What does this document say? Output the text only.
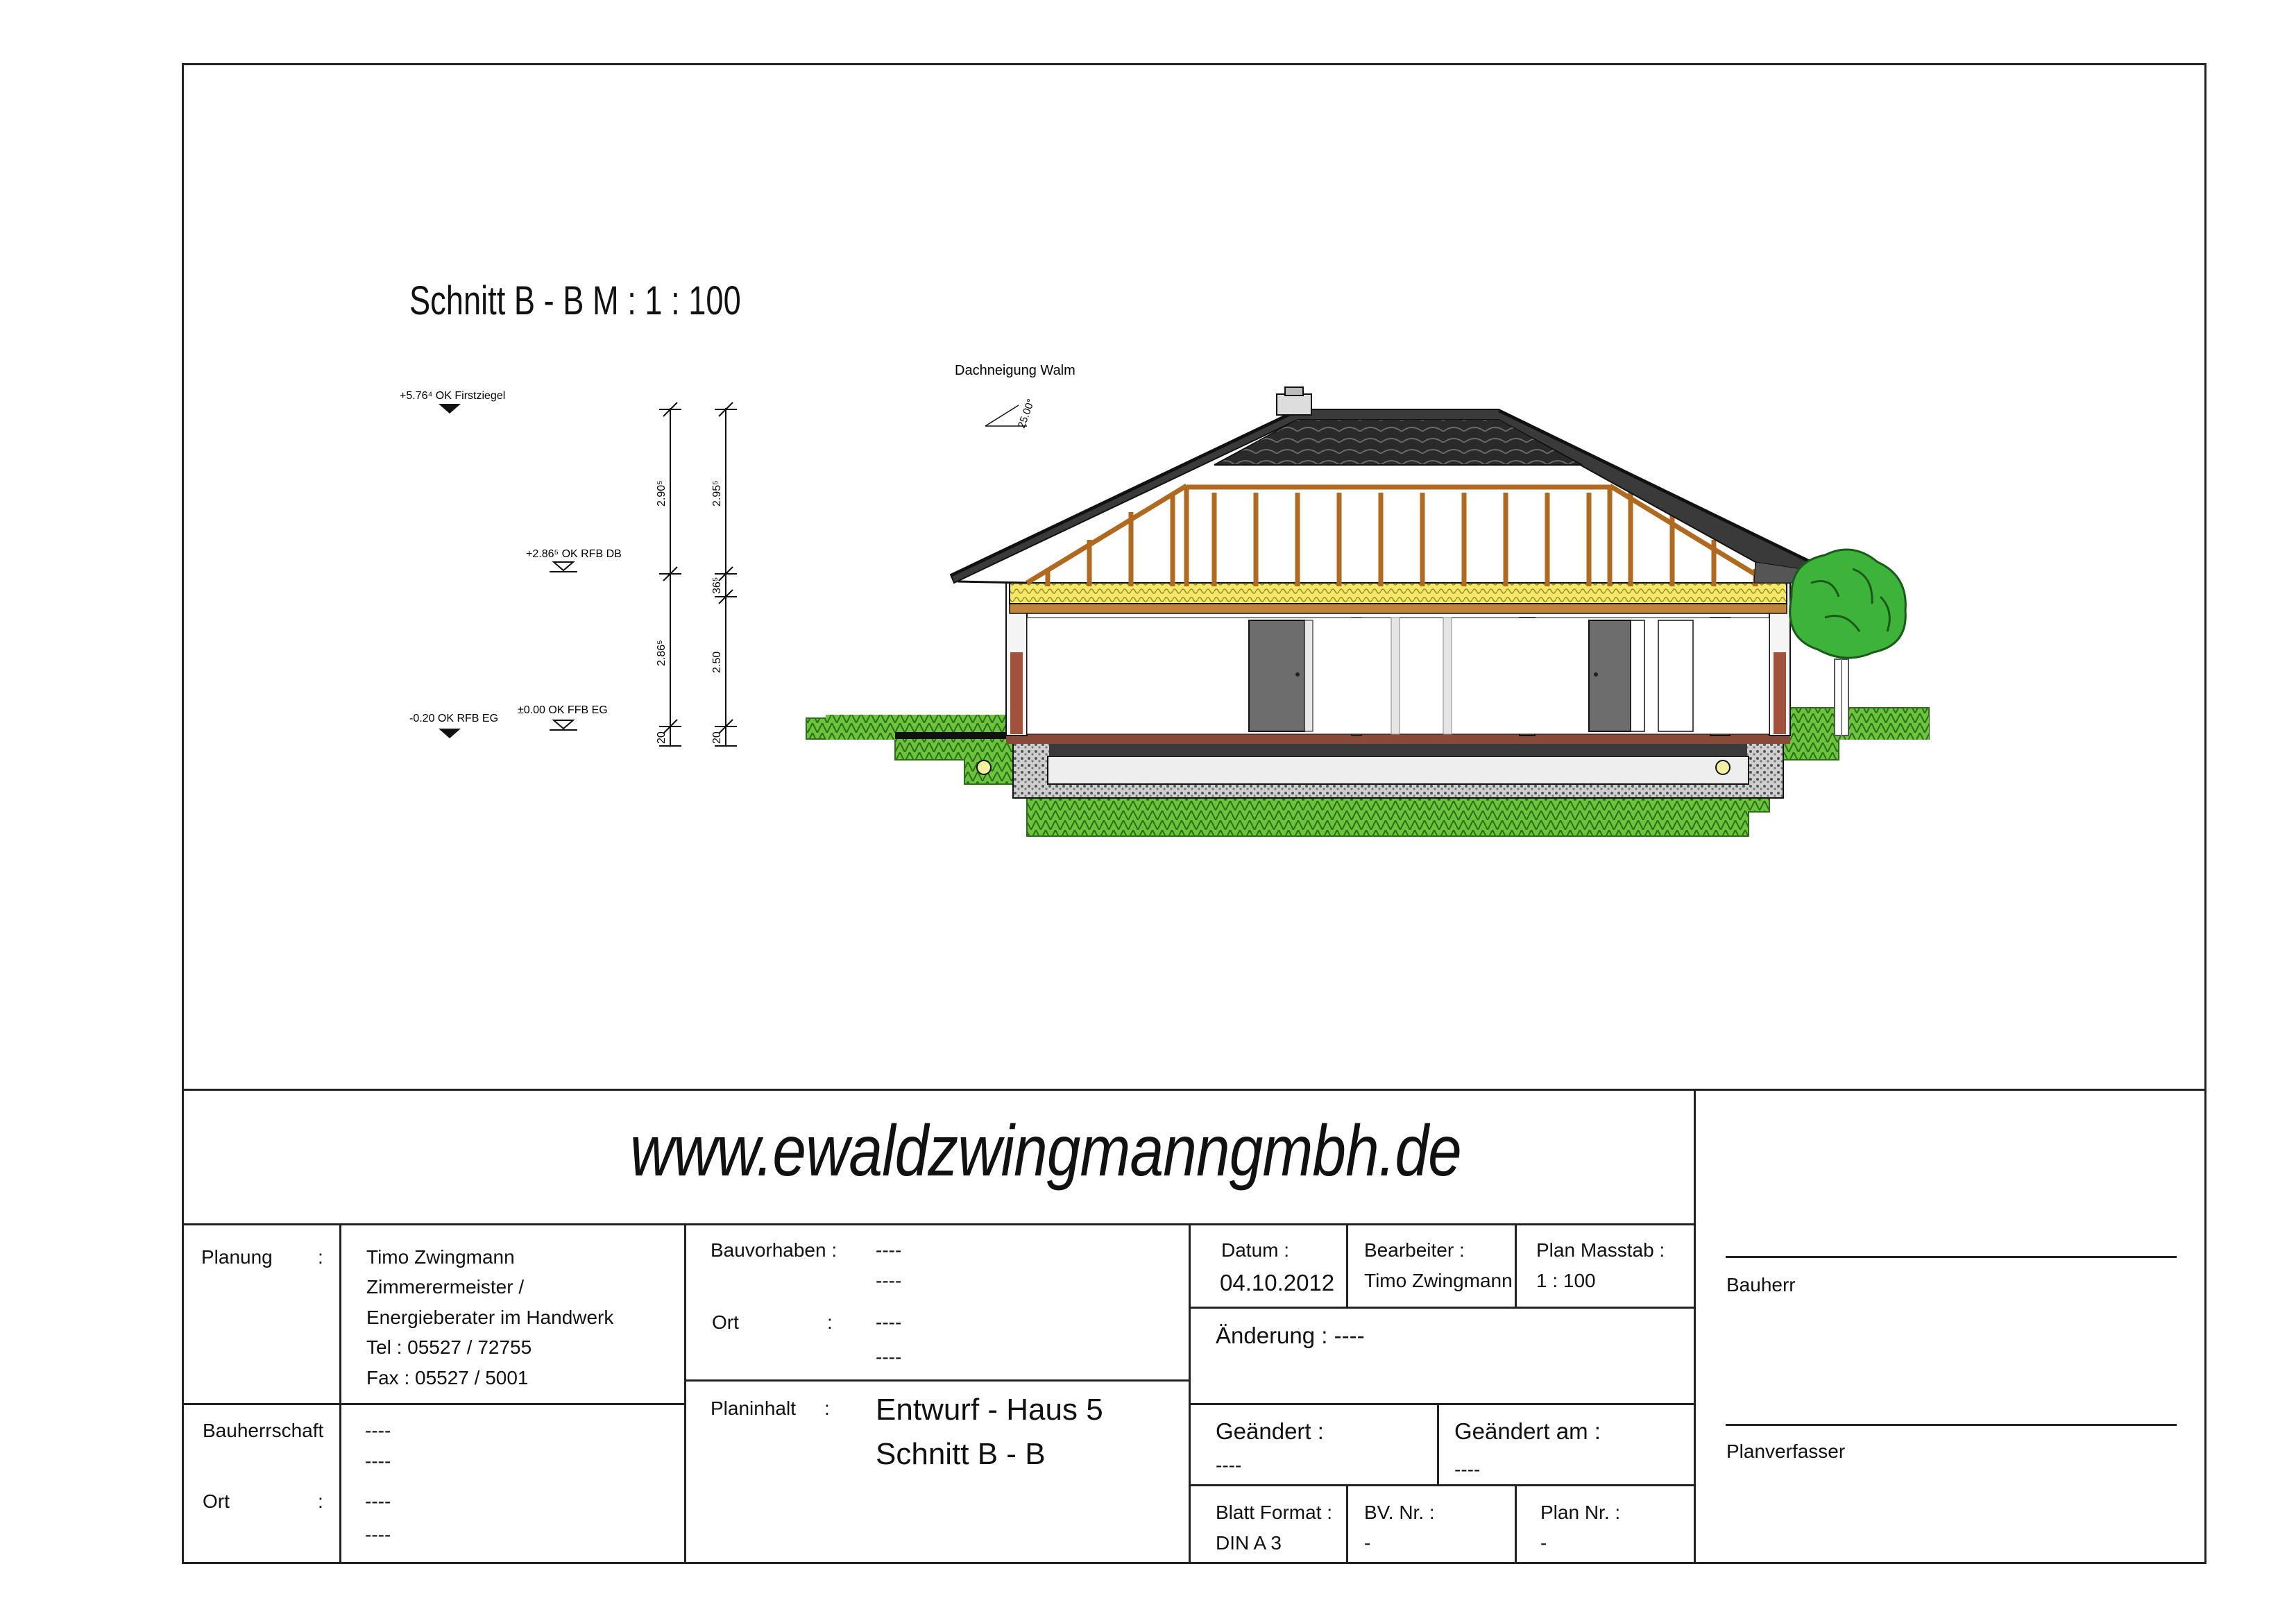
Schnitt B - B M : 1 : 100
+5.76⁴ OK Firstziegel
+2.86⁵ OK RFB DB
-0.20 OK RFB EG
±0.00 OK FFB EG
2.90⁵
2.86⁵
20
2.95⁵
36⁵
2.50
20
Dachneigung Walm
25.00°
www.ewaldzwingmanngmbh.de
Planung : Timo Zwingmann
Zimmerermeister /
Energieberater im Handwerk
Tel : 05527 / 72755
Fax : 05527 / 5001
Bauherrschaft ----
----
Ort	: ----
----
Bauvorhaben : ----
----
Ort	: ----
----
Planinhalt : Entwurf - Haus 5
Schnitt B - B
Datum :
04.10.2012
Bearbeiter :
Timo Zwingmann
Plan Masstab :
1 : 100
Änderung : ----
Geändert :
----
Geändert am :
----
Blatt Format :
DIN A 3
BV. Nr. :
-
Plan Nr. :
-
Bauherr
Planverfasser
